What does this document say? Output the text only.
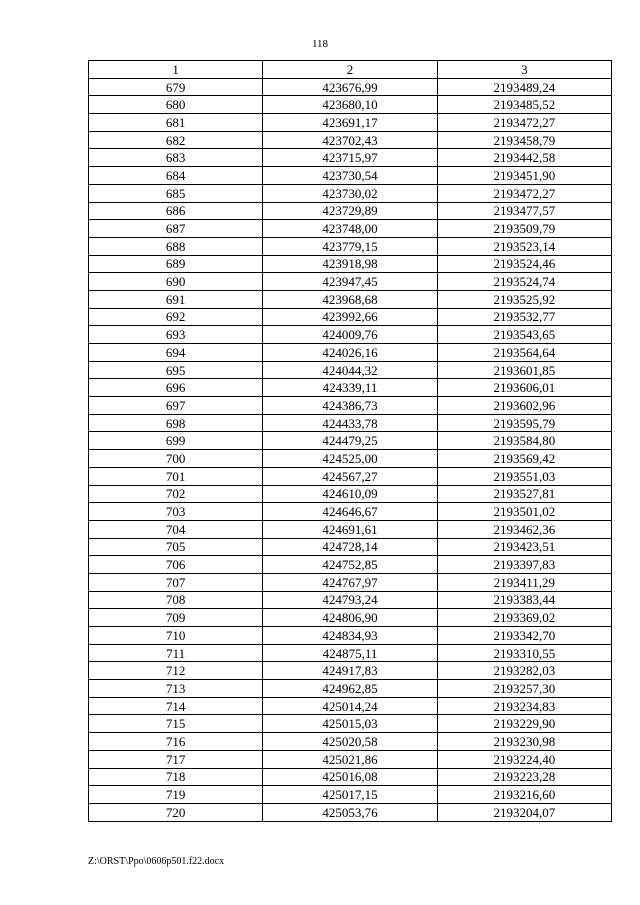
118
1	2	3
679	423676,99	2193489,24
680	423680,10	2193485,52
681	423691,17	2193472,27
682	423702,43	2193458,79
683	423715,97	2193442,58
684	423730,54	2193451,90
685	423730,02	2193472,27
686	423729,89	2193477,57
687	423748,00	2193509,79
688	423779,15	2193523,14
689	423918,98	2193524,46
690	423947,45	2193524,74
691	423968,68	2193525,92
692	423992,66	2193532,77
693	424009,76	2193543,65
694	424026,16	2193564,64
695	424044,32	2193601,85
696	424339,11	2193606,01
697	424386,73	2193602,96
698	424433,78	2193595,79
699	424479,25	2193584,80
700	424525,00	2193569,42
701	424567,27	2193551,03
702	424610,09	2193527,81
703	424646,67	2193501,02
704	424691,61	2193462,36
705	424728,14	2193423,51
706	424752,85	2193397,83
707	424767,97	2193411,29
708	424793,24	2193383,44
709	424806,90	2193369,02
710	424834,93	2193342,70
711	424875,11	2193310,55
712	424917,83	2193282,03
713	424962,85	2193257,30
714	425014,24	2193234,83
715	425015,03	2193229,90
716	425020,58	2193230,98
717	425021,86	2193224,40
718	425016,08	2193223,28
719	425017,15	2193216,60
720	425053,76	2193204,07
Z:\ORST\Ppo\0606p501.f22.docx
